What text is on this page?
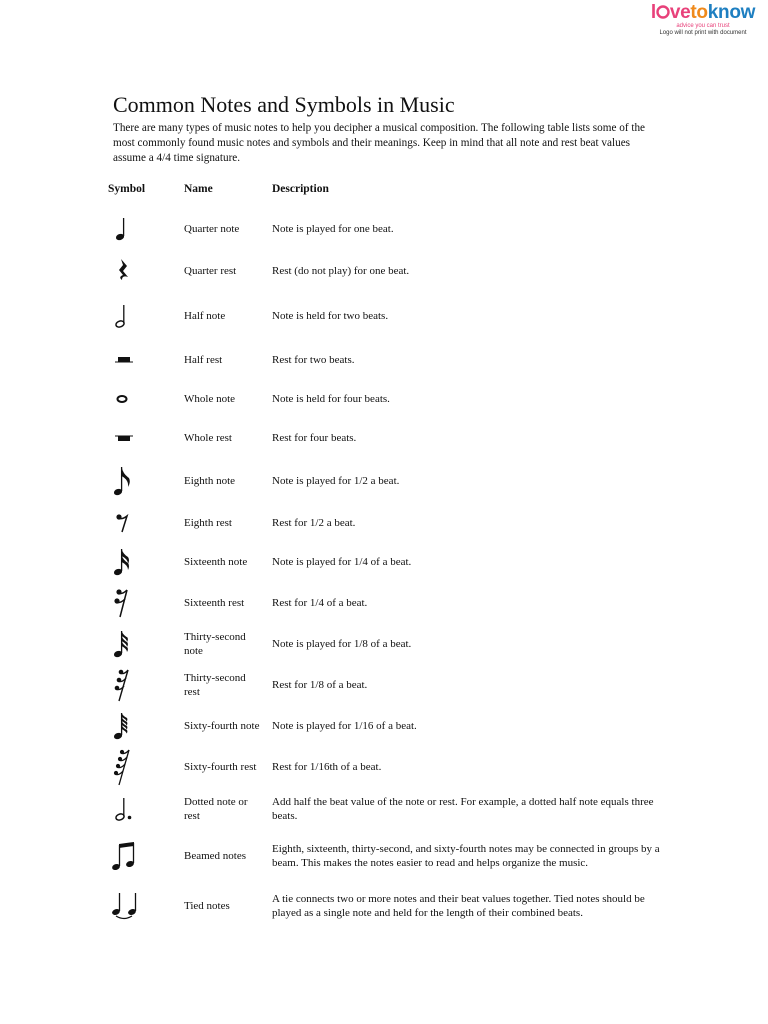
l vetoknow
advice you can trust
Logo will not print with document
Common Notes and Symbols in Music

There are many types of music notes to help you decipher a musical composition. The following table lists some of the most commonly found music notes and symbols and their meanings. Keep in mind that all note and rest beat values assume a 4/4 time signature.

Symbol	Name	Description

	Quarter note	Note is played for one beat.

	Quarter rest	Rest (do not play) for one beat.

	Half note	Note is held for two beats.

	Half rest	Rest for two beats.

	Whole note	Note is held for four beats.

	Whole rest	Rest for four beats.

	Eighth note	Note is played for 1/2 a beat.

	Eighth rest	Rest for 1/2 a beat.

	Sixteenth note	Note is played for 1/4 of a beat.

	Sixteenth rest	Rest for 1/4 of a beat.

	Thirty-second note	Note is played for 1/8 of a beat.

	Thirty-second rest	Rest for 1/8 of a beat.

	Sixty-fourth note	Note is played for 1/16 of a beat.

	Sixty-fourth rest	Rest for 1/16th of a beat.

	Dotted note or rest	Add half the beat value of the note or rest. For example, a dotted half note equals three beats.

	Beamed notes	Eighth, sixteenth, thirty-second, and sixty-fourth notes may be connected in groups by a beam. This makes the notes easier to read and helps organize the music.

	Tied notes	A tie connects two or more notes and their beat values together. Tied notes should be played as a single note and held for the length of their combined beats.
